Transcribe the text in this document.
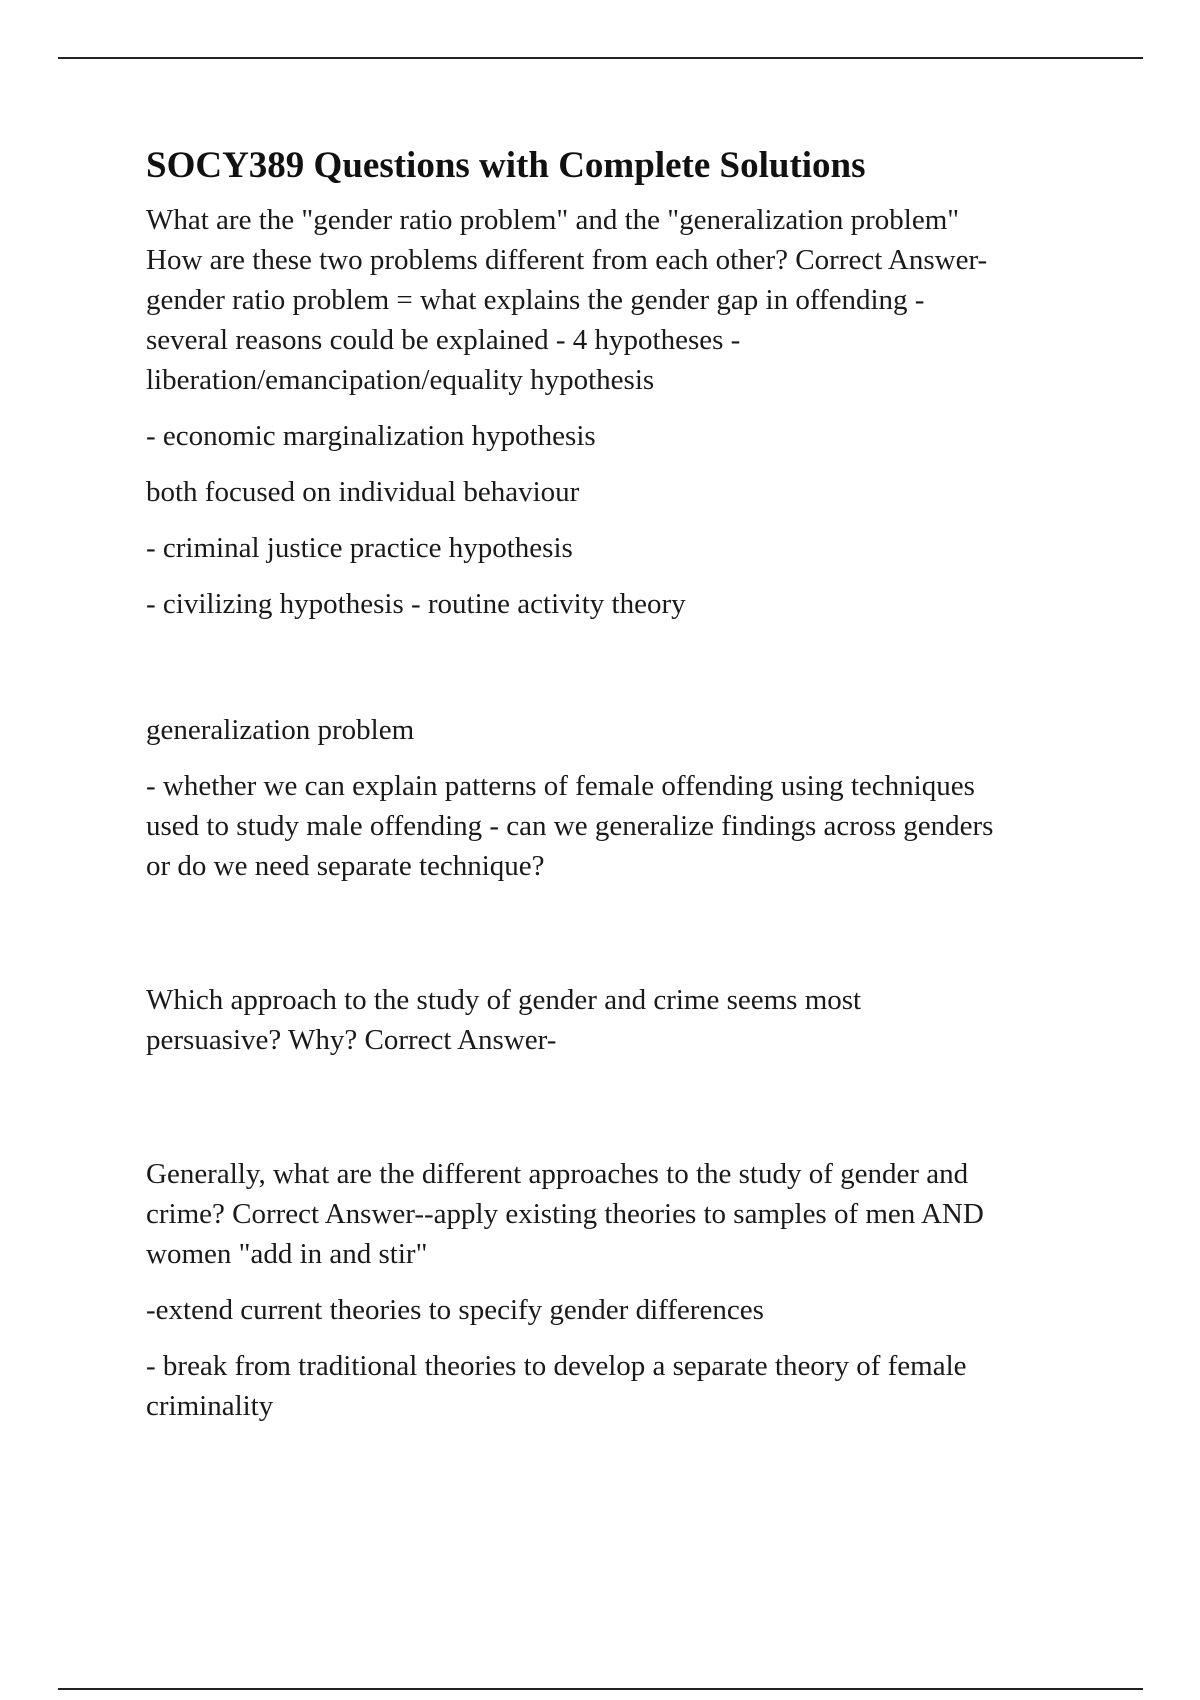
SOCY389 Questions with Complete Solutions
What are the "gender ratio problem" and the "generalization problem"
How are these two problems different from each other? Correct Answer-
gender ratio problem = what explains the gender gap in offending -
several reasons could be explained - 4 hypotheses -
liberation/emancipation/equality hypothesis
- economic marginalization hypothesis
both focused on individual behaviour
- criminal justice practice hypothesis
- civilizing hypothesis - routine activity theory
generalization problem
- whether we can explain patterns of female offending using techniques
used to study male offending - can we generalize findings across genders
or do we need separate technique?
Which approach to the study of gender and crime seems most
persuasive? Why? Correct Answer-
Generally, what are the different approaches to the study of gender and
crime? Correct Answer--apply existing theories to samples of men AND
women "add in and stir"
-extend current theories to specify gender differences
- break from traditional theories to develop a separate theory of female
criminality
